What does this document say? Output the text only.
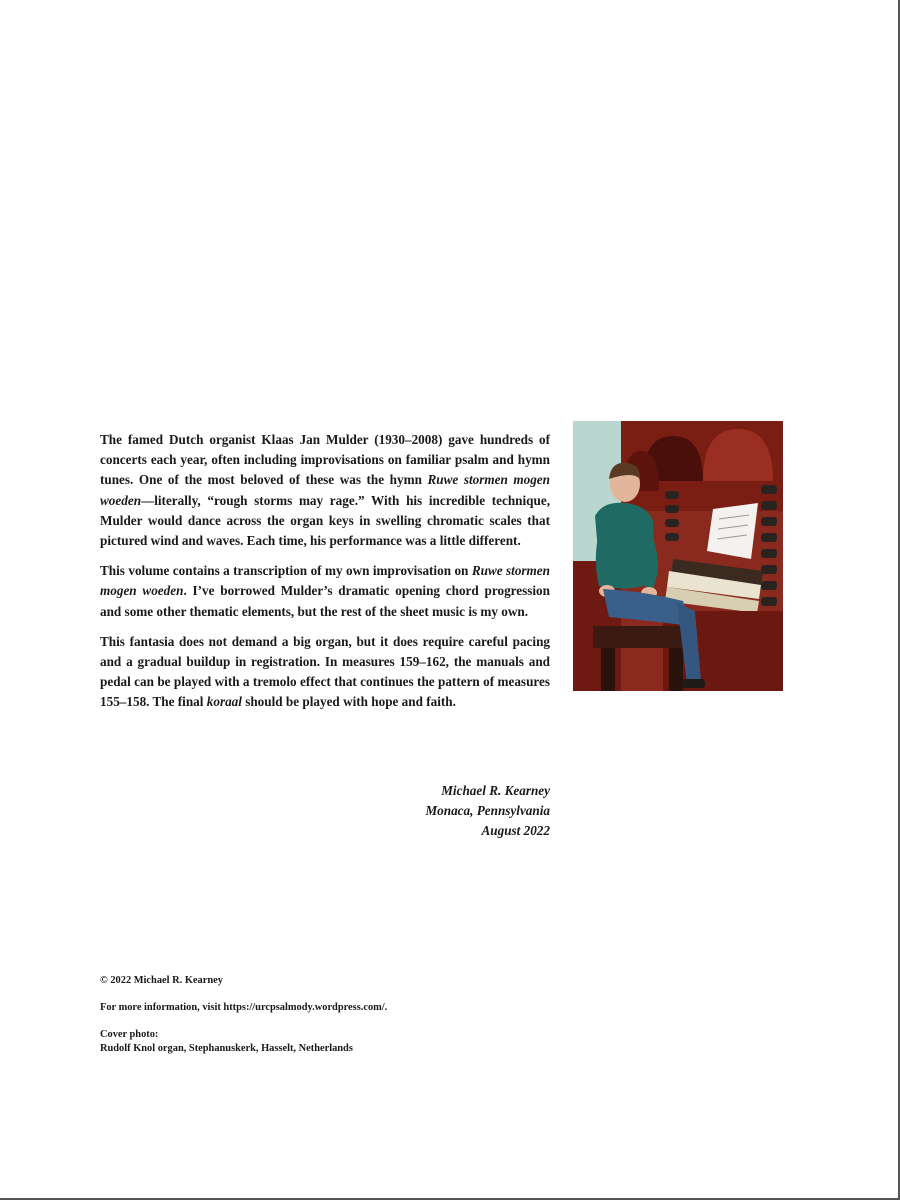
The famed Dutch organist Klaas Jan Mulder (1930–2008) gave hundreds of concerts each year, often including improvisations on familiar psalm and hymn tunes. One of the most beloved of these was the hymn Ruwe stormen mogen woeden—literally, “rough storms may rage.” With his incredible technique, Mulder would dance across the organ keys in swelling chromatic scales that pictured wind and waves. Each time, his performance was a little different.

This volume contains a transcription of my own improvisation on Ruwe stormen mogen woeden. I’ve borrowed Mulder’s dramatic opening chord progression and some other thematic elements, but the rest of the sheet music is my own.

This fantasia does not demand a big organ, but it does require careful pacing and a gradual buildup in registration. In measures 159–162, the manuals and pedal can be played with a tremolo effect that continues the pattern of measures 155–158. The final koraal should be played with hope and faith.

Michael R. Kearney
Monaca, Pennsylvania
August 2022
© 2022 Michael R. Kearney
For more information, visit https://urcpsalmody.wordpress.com/.
Cover photo:
Rudolf Knol organ, Stephanuskerk, Hasselt, Netherlands
